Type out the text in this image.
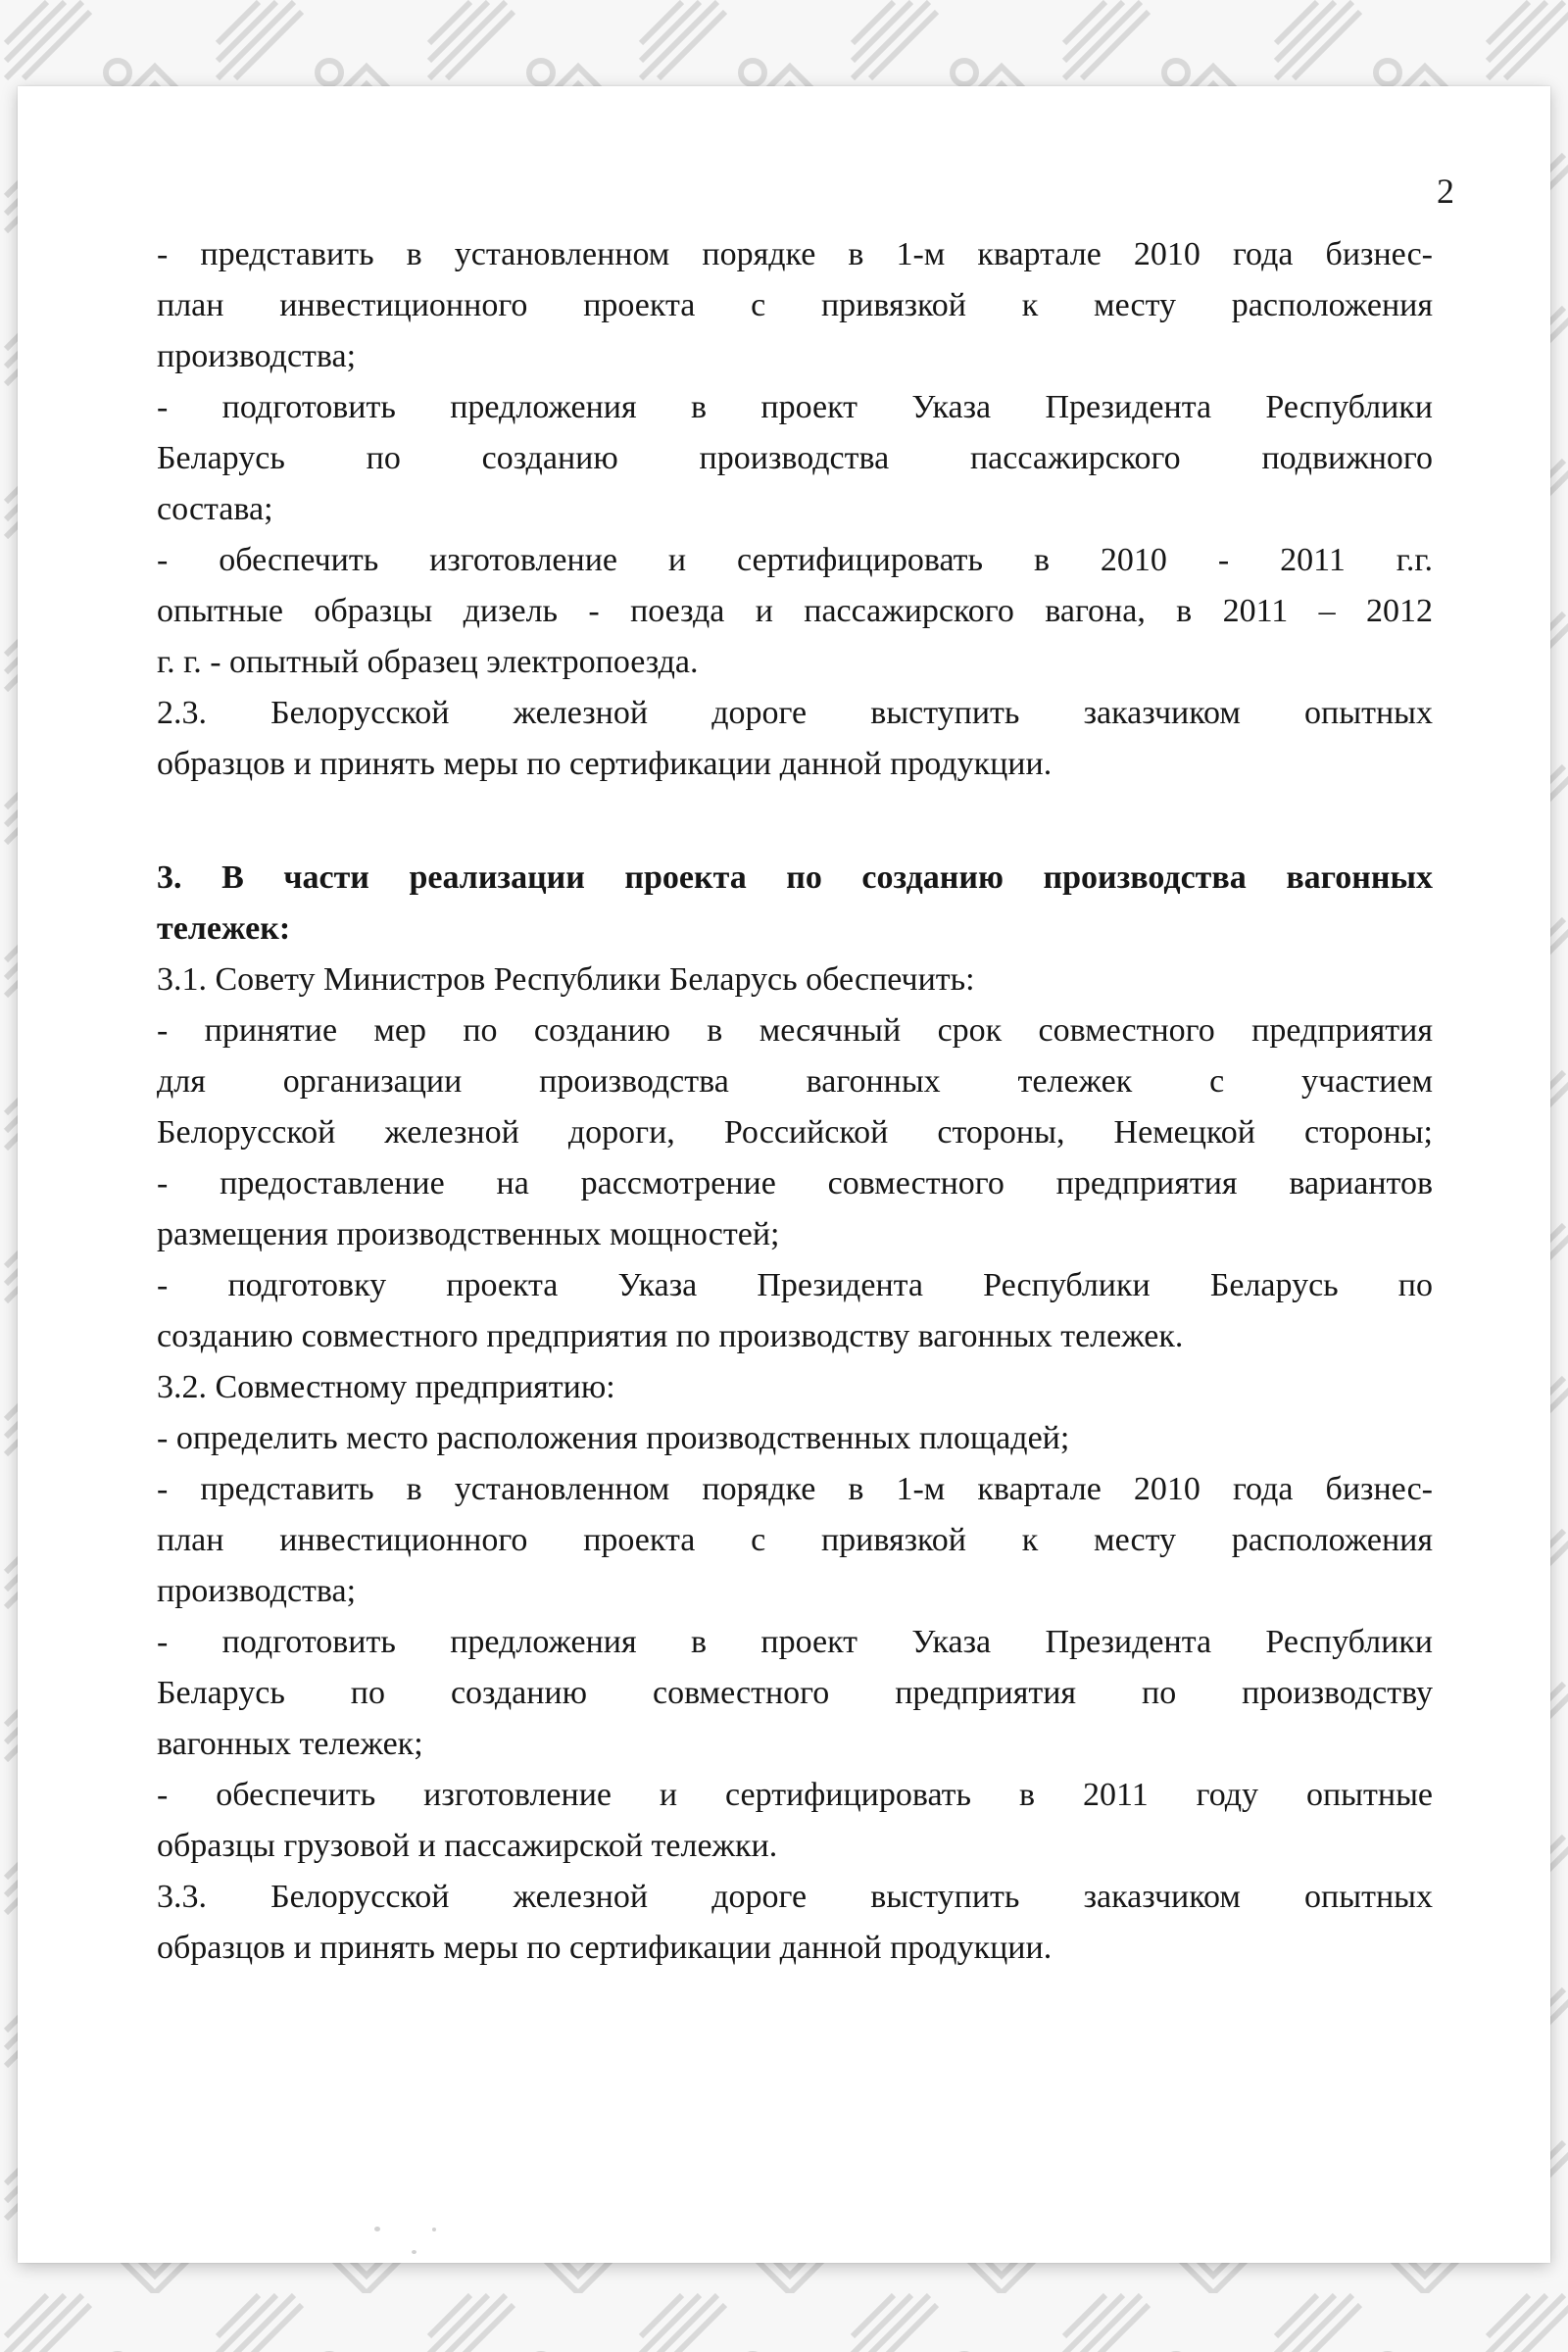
2
- представить в установленном порядке в 1-м квартале 2010 года бизнес-
план инвестиционного проекта с привязкой к месту расположения
производства;
- подготовить предложения в проект Указа Президента Республики
Беларусь по созданию производства пассажирского подвижного
состава;
- обеспечить изготовление и сертифицировать в 2010 - 2011 г.г.
опытные образцы дизель - поезда и пассажирского вагона, в 2011 – 2012
г. г. - опытный образец электропоезда.
2.3. Белорусской железной дороге выступить заказчиком опытных
образцов и принять меры по сертификации данной продукции.
3. В части реализации проекта по созданию производства вагонных
тележек:
3.1. Совету Министров Республики Беларусь обеспечить:
- принятие мер по созданию в месячный срок совместного предприятия
для организации производства вагонных тележек с участием
Белорусской железной дороги, Российской стороны, Немецкой стороны;
- предоставление на рассмотрение совместного предприятия вариантов
размещения производственных мощностей;
- подготовку проекта Указа Президента Республики Беларусь по
созданию совместного предприятия по производству вагонных тележек.
3.2. Совместному предприятию:
- определить место расположения производственных площадей;
- представить в установленном порядке в 1-м квартале 2010 года бизнес-
план инвестиционного проекта с привязкой к месту расположения
производства;
- подготовить предложения в проект Указа Президента Республики
Беларусь по созданию совместного предприятия по производству
вагонных тележек;
- обеспечить изготовление и сертифицировать в 2011 году опытные
образцы грузовой и пассажирской тележки.
3.3. Белорусской железной дороге выступить заказчиком опытных
образцов и принять меры по сертификации данной продукции.
